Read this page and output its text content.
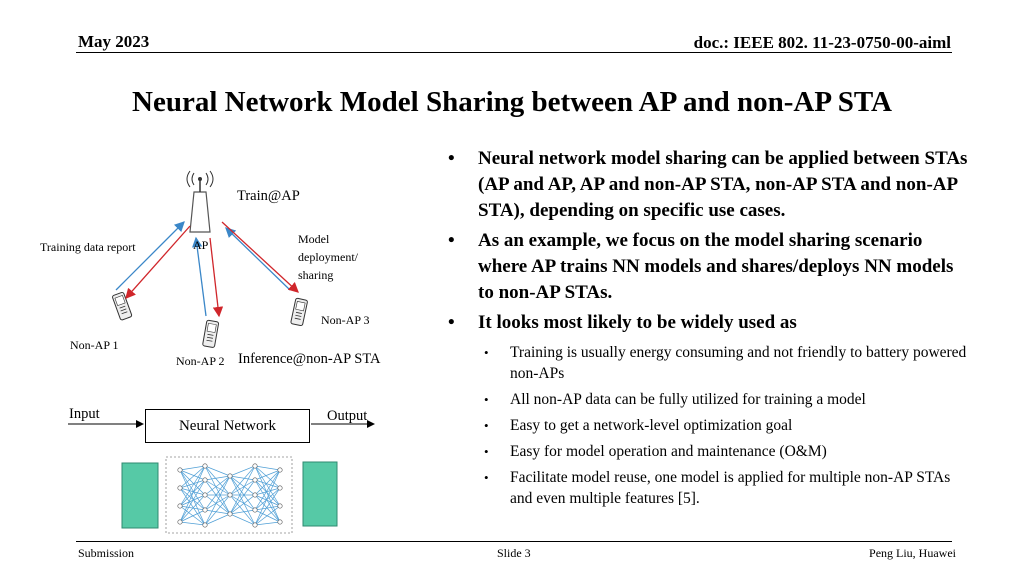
May 2023	doc.: IEEE 802. 11-23-0750-00-aiml
Neural Network Model Sharing between AP and non-AP STA
• Neural network model sharing can be applied between STAs (AP and AP, AP and non-AP STA, non-AP STA and non-AP STA), depending on specific use cases.
• As an example, we focus on the model sharing scenario where AP trains NN models and shares/deploys NN models to non-AP STAs.
• It looks most likely to be widely used as
• Training is usually energy consuming and not friendly to battery powered non-APs
• All non-AP data can be fully utilized for training a model
• Easy to get a network-level optimization goal
• Easy for model operation and maintenance (O&M)
• Facilitate model reuse, one model is applied for multiple non-AP STAs and even multiple features [5].
Train@AP
AP
Training data report
Model
deployment/
sharing
Non-AP 1
Non-AP 2
Non-AP 3
Inference@non-AP STA
Input	Output
Neural Network
Submission	Slide 3	Peng Liu, Huawei
